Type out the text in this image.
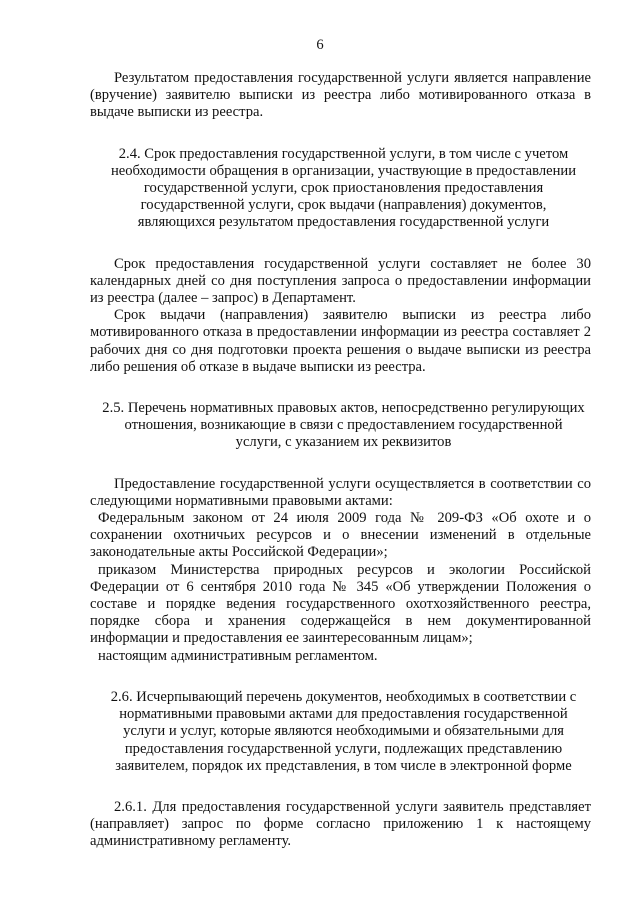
6

Результатом предоставления государственной услуги является направление (вручение) заявителю выписки из реестра либо мотивированного отказа в выдаче выписки из реестра.

2.4. Срок предоставления государственной услуги, в том числе с учетом необходимости обращения в организации, участвующие в предоставлении государственной услуги, срок приостановления предоставления государственной услуги, срок выдачи (направления) документов, являющихся результатом предоставления государственной услуги

Срок предоставления государственной услуги составляет не более 30 календарных дней со дня поступления запроса о предоставлении информации из реестра (далее – запрос) в Департамент.

Срок выдачи (направления) заявителю выписки из реестра либо мотивированного отказа в предоставлении информации из реестра составляет 2 рабочих дня со дня подготовки проекта решения о выдаче выписки из реестра либо решения об отказе в выдаче выписки из реестра.

2.5. Перечень нормативных правовых актов, непосредственно регулирующих отношения, возникающие в связи с предоставлением государственной услуги, с указанием их реквизитов

Предоставление государственной услуги осуществляется в соответствии со следующими нормативными правовыми актами:

Федеральным законом от 24 июля 2009 года № 209-ФЗ «Об охоте и о сохранении охотничьих ресурсов и о внесении изменений в отдельные законодательные акты Российской Федерации»;

приказом Министерства природных ресурсов и экологии Российской Федерации от 6 сентября 2010 года № 345 «Об утверждении Положения о составе и порядке ведения государственного охотхозяйственного реестра, порядке сбора и хранения содержащейся в нем документированной информации и предоставления ее заинтересованным лицам»;

настоящим административным регламентом.

2.6. Исчерпывающий перечень документов, необходимых в соответствии с нормативными правовыми актами для предоставления государственной услуги и услуг, которые являются необходимыми и обязательными для предоставления государственной услуги, подлежащих представлению заявителем, порядок их представления, в том числе в электронной форме

2.6.1. Для предоставления государственной услуги заявитель представляет (направляет) запрос по форме согласно приложению 1 к настоящему административному регламенту.
